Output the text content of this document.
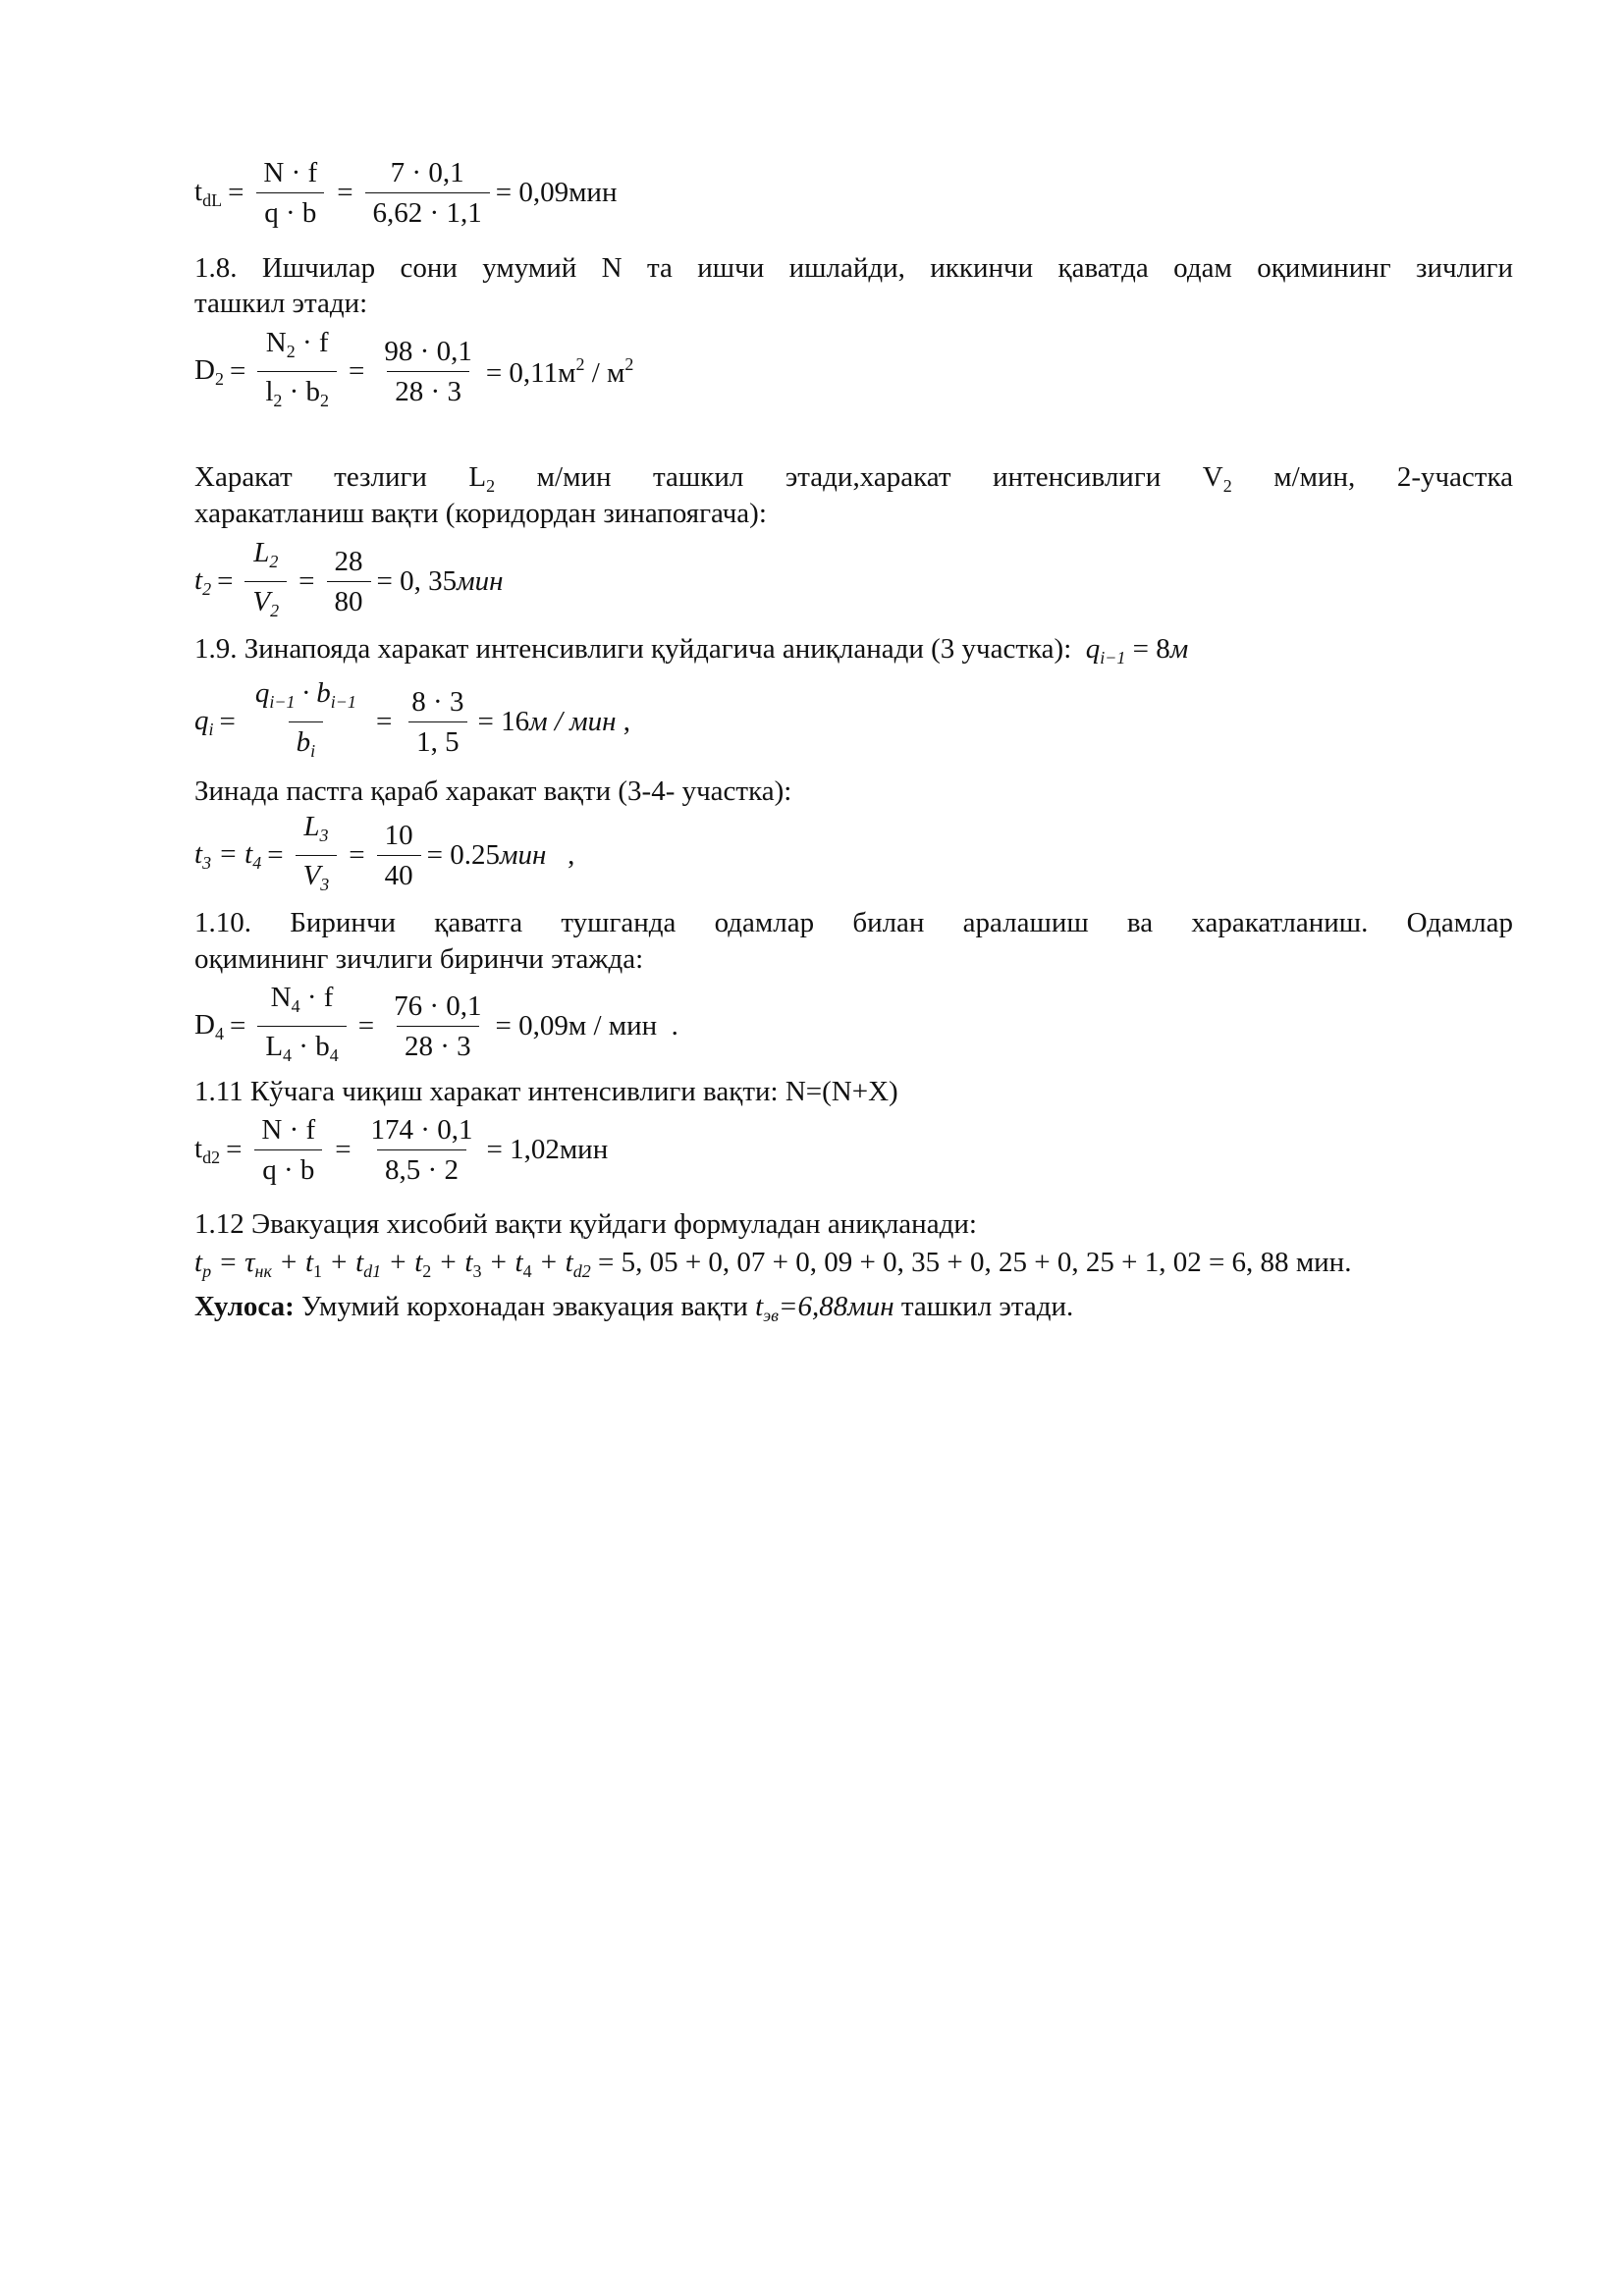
$t_{dL} = \frac{N \cdot f}{q \cdot b} = \frac{7 \cdot 0,1}{6,62 \cdot 1,1} = 0,09мин$
1.8. Ишчилар сони умумий N та ишчи ишлайди, иккинчи қаватда одам оқимининг зичлиги
ташкил этади:
$D_2 = \frac{N_2 \cdot f}{l_2 \cdot b_2} = \frac{98 \cdot 0,1}{28 \cdot 3} = 0,11м^2 / м^2$
Харакат тезлиги $L_2$ м/мин ташкил этади,харакат интенсивлиги $V_2$ м/мин, 2-участка
харакатланиш вақти (коридордан зинапоягача):
$t_2 = \frac{L_2}{V_2} = \frac{28}{80} = 0$, 35мин
1.9. Зинапояда харакат интенсивлиги қуйдагича аниқланади (3 участка): $q_{i-1} = 8м$
$q_i = \frac{q_{i-1} \cdot b_{i-1}}{b_i} = \frac{8 \cdot 3}{1, 5} = 16м$ / мин ,
Зинада пастга қараб харакат вақти (3-4- участка):
$t_3 = t_4 = \frac{L_3}{V_3} = \frac{10}{40} = 0.25мин$   ,
1.10. Биринчи қаватга тушганда одамлар билан аралашиш ва харакатланиш. Одамлар
оқимининг зичлиги биринчи этажда:
$D_4 = \frac{N_4 \cdot f}{L_4 \cdot b_4} = \frac{76 \cdot 0,1}{28 \cdot 3} = 0,09м$ / мин  .
1.11 Кўчага чиқиш харакат интенсивлиги вақти: N=(N+X)
$t_{d2} = \frac{N \cdot f}{q \cdot b} = \frac{174 \cdot 0,1}{8,5 \cdot 2} = 1,02мин$
1.12 Эвакуация хисобий вақти қуйдаги формуладан аниқланади:
$t_p = \tau_{нк} + t_1 + t_{d1} + t_2 + t_3 + t_4 + t_{d2} = 5$, 05 + 0, 07 + 0, 09 + 0, 35 + 0, 25 + 0, 25 + 1, 02 = 6, 88 мин.
Хулоса: Умумий корхонадан эвакуация вақти $t_{эв}=6,88мин$ ташкил этади.
